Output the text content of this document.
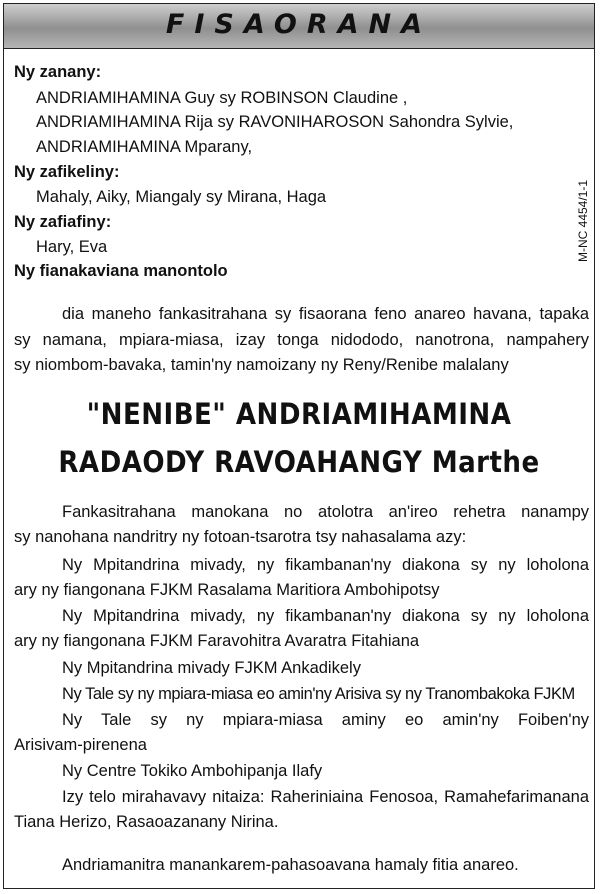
FISAORANA
M-NC 4454/1-1
Ny zanany:
ANDRIAMIHAMINA Guy sy ROBINSON Claudine ,
ANDRIAMIHAMINA Rija sy RAVONIHAROSON Sahondra Sylvie,
ANDRIAMIHAMINA Mparany,
Ny zafikeliny:
Mahaly, Aiky, Miangaly sy Mirana, Haga
Ny zafiafiny:
Hary, Eva
Ny fianakaviana manontolo
dia maneho fankasitrahana sy fisaorana feno anareo havana, tapaka
sy namana, mpiara-miasa, izay tonga nidododo, nanotrona, nampahery
sy niombom-bavaka, tamin'ny namoizany ny Reny/Renibe malalany
"NENIBE" ANDRIAMIHAMINA
RADAODY RAVOAHANGY Marthe
Fankasitrahana manokana no atolotra an'ireo rehetra nanampy
sy nanohana nandritry ny fotoan-tsarotra tsy nahasalama azy:
Ny Mpitandrina mivady, ny fikambanan'ny diakona sy ny loholona
ary ny fiangonana FJKM Rasalama Maritiora Ambohipotsy
Ny Mpitandrina mivady, ny fikambanan'ny diakona sy ny loholona
ary ny fiangonana FJKM Faravohitra Avaratra Fitahiana
Ny Mpitandrina mivady FJKM Ankadikely
Ny Tale sy ny mpiara-miasa eo amin'ny Arisiva sy ny Tranombakoka FJKM
Ny Tale sy ny mpiara-miasa aminy eo amin'ny Foiben'ny
Arisivam-pirenena
Ny Centre Tokiko Ambohipanja Ilafy
Izy telo mirahavavy nitaiza: Raheriniaina Fenosoa, Ramahefarimanana
Tiana Herizo, Rasaoazanany Nirina.
Andriamanitra manankarem-pahasoavana hamaly fitia anareo.
